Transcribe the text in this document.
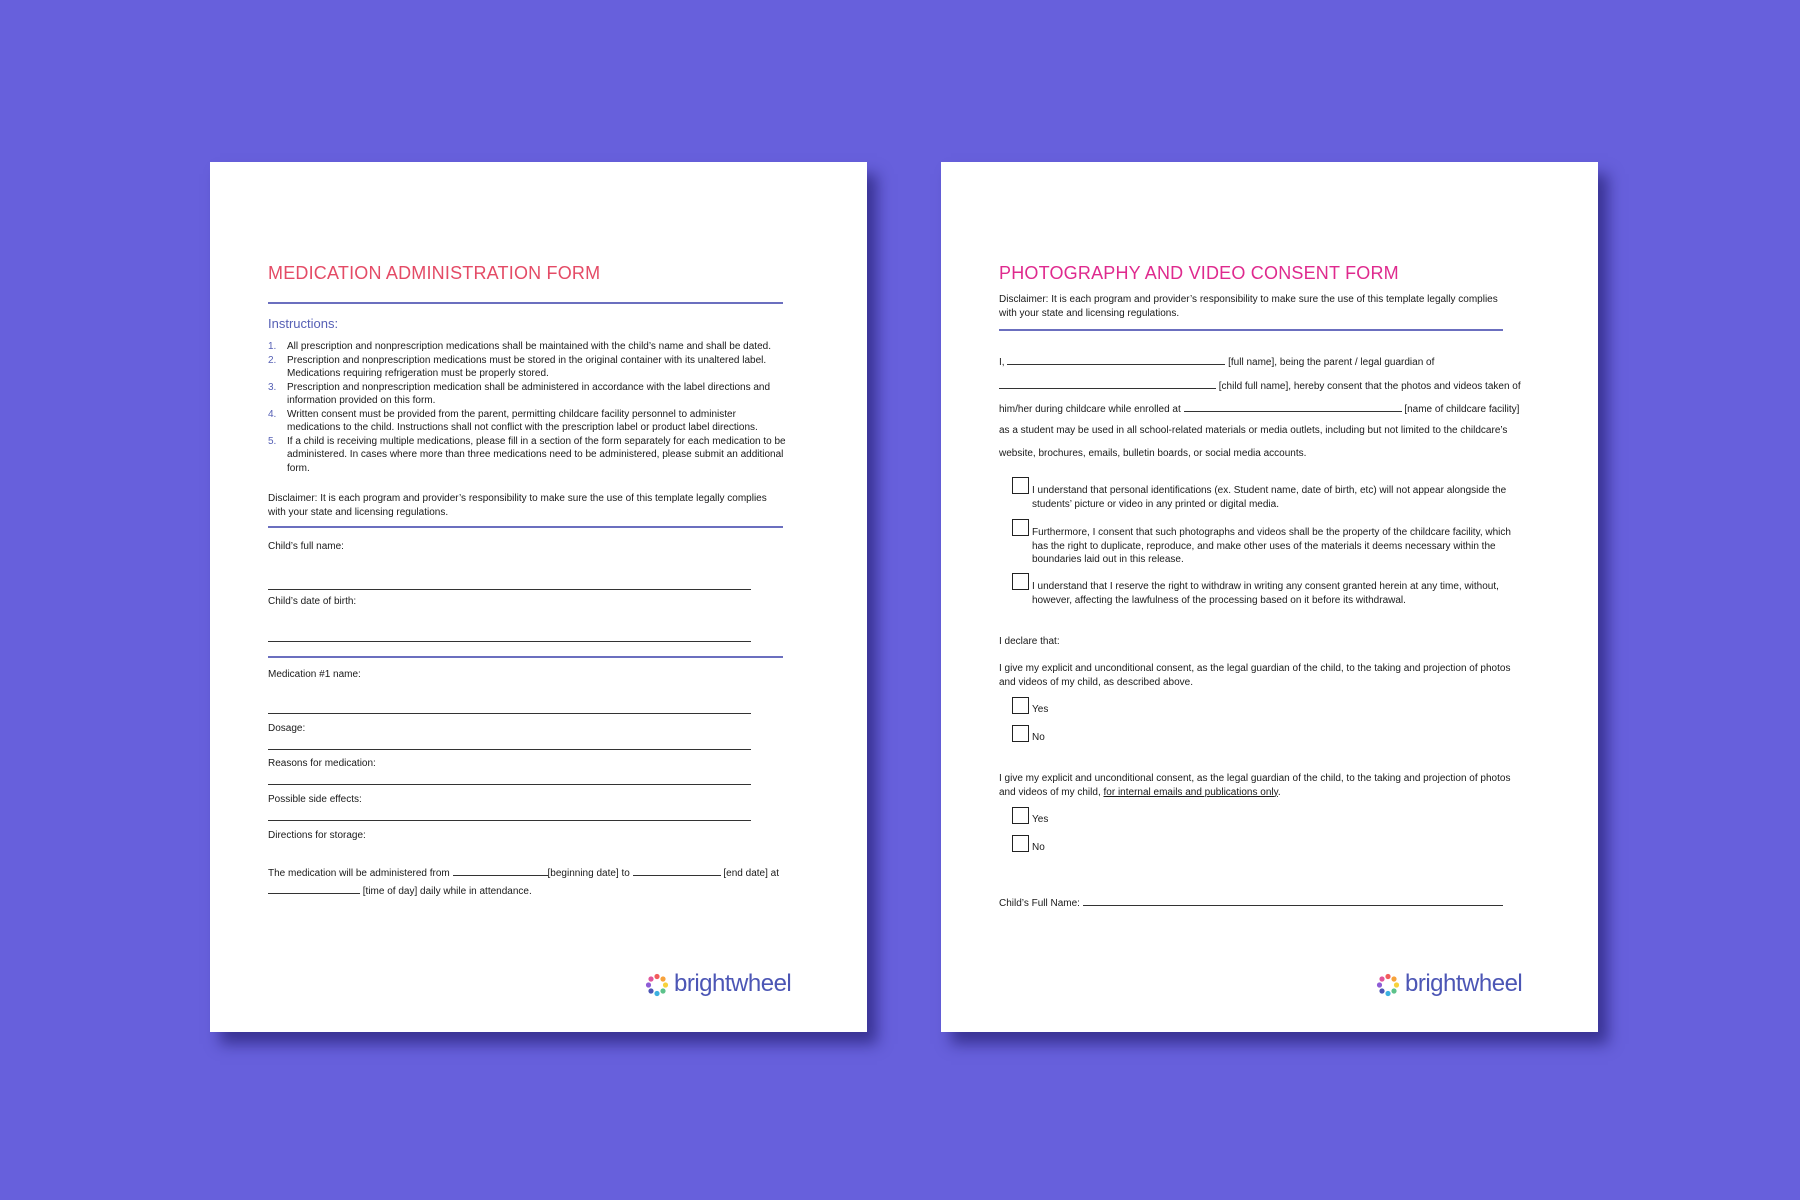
MEDICATION ADMINISTRATION FORM
Instructions:
1. All prescription and nonprescription medications shall be maintained with the child’s name and shall be dated.
2. Prescription and nonprescription medications must be stored in the original container with its unaltered label. Medications requiring refrigeration must be properly stored.
3. Prescription and nonprescription medication shall be administered in accordance with the label directions and information provided on this form.
4. Written consent must be provided from the parent, permitting childcare facility personnel to administer medications to the child. Instructions shall not conflict with the prescription label or product label directions.
5. If a child is receiving multiple medications, please fill in a section of the form separately for each medication to be administered. In cases where more than three medications need to be administered, please submit an additional form.
Disclaimer: It is each program and provider’s responsibility to make sure the use of this template legally complies with your state and licensing regulations.
Child’s full name:
Child’s date of birth:
Medication #1 name:
Dosage:
Reasons for medication:
Possible side effects:
Directions for storage:
The medication will be administered from	[beginning date] to	[end date] at
[time of day] daily while in attendance.
brightwheel
PHOTOGRAPHY AND VIDEO CONSENT FORM
Disclaimer: It is each program and provider’s responsibility to make sure the use of this template legally complies with your state and licensing regulations.
I,	[full name], being the parent / legal guardian of
[child full name], hereby consent that the photos and videos taken of
him/her during childcare while enrolled at	[name of childcare facility]
as a student may be used in all school-related materials or media outlets, including but not limited to the childcare’s
website, brochures, emails, bulletin boards, or social media accounts.
I understand that personal identifications (ex. Student name, date of birth, etc) will not appear alongside the students’ picture or video in any printed or digital media.
Furthermore, I consent that such photographs and videos shall be the property of the childcare facility, which has the right to duplicate, reproduce, and make other uses of the materials it deems necessary within the boundaries laid out in this release.
I understand that I reserve the right to withdraw in writing any consent granted herein at any time, without, however, affecting the lawfulness of the processing based on it before its withdrawal.
I declare that:
I give my explicit and unconditional consent, as the legal guardian of the child, to the taking and projection of photos and videos of my child, as described above.
Yes
No
I give my explicit and unconditional consent, as the legal guardian of the child, to the taking and projection of photos and videos of my child, for internal emails and publications only.
Yes
No
Child’s Full Name:
brightwheel
